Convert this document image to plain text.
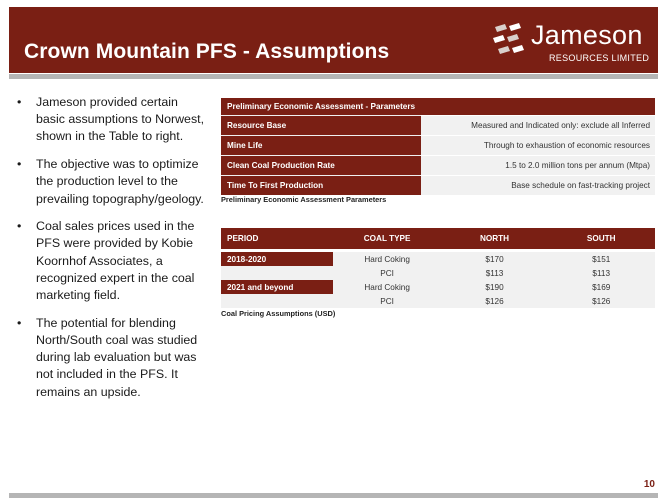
Crown Mountain PFS - Assumptions
Jameson
RESOURCES LIMITED
• Jameson provided certain basic assumptions to Norwest, shown in the Table to right.
• The objective was to optimize the production level to the prevailing topography/geology.
• Coal sales prices used in the PFS were provided by Kobie Koornhof Associates, a recognized expert in the coal marketing field.
• The potential for blending North/South coal was studied during lab evaluation but was not included in the PFS. It remains an upside.
Preliminary Economic Assessment - Parameters	
Resource Base	Measured and Indicated only: exclude all Inferred
Mine Life	Through to exhaustion of economic resources
Clean Coal Production Rate	1.5 to 2.0 million tons per annum (Mtpa)
Time To First Production	Base schedule on fast-tracking project
Preliminary Economic Assessment Parameters
PERIOD	COAL TYPE	NORTH	SOUTH

2018-2020	Hard Coking	$170	$151
	PCI	$113	$113
2021 and beyond	Hard Coking	$190	$169
	PCI	$126	$126
Coal Pricing Assumptions (USD)
10
